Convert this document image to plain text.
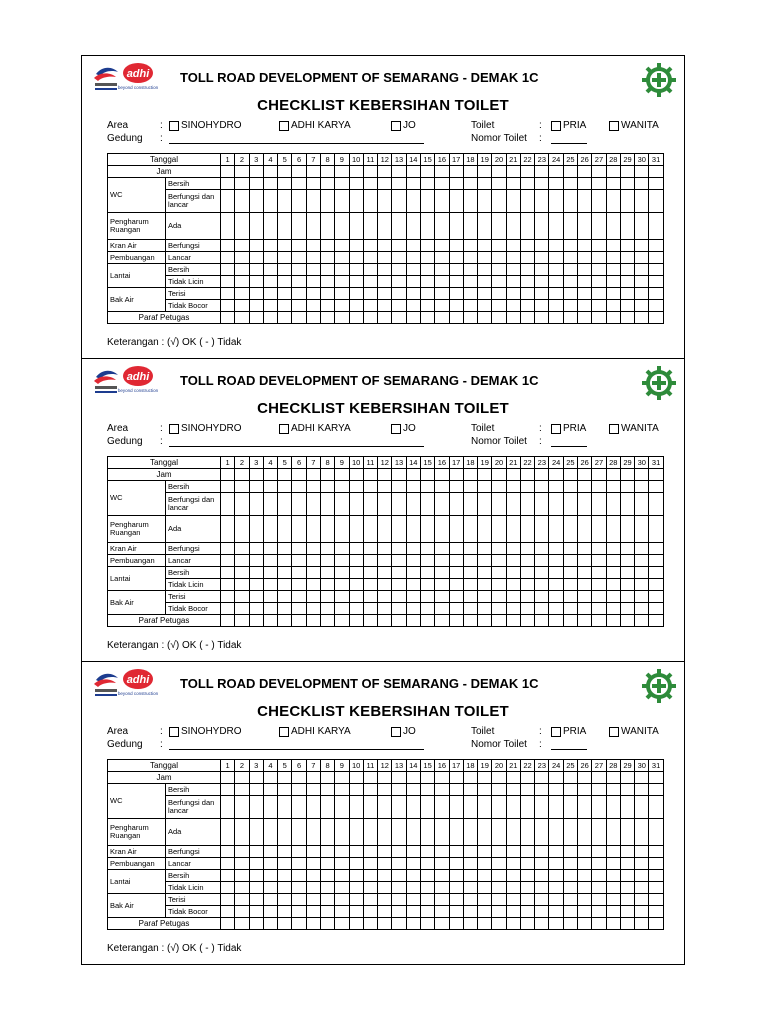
adhi
beyond construction
TOLL ROAD DEVELOPMENT OF SEMARANG - DEMAK 1C
CHECKLIST KEBERSIHAN TOILET
Area	: SINOHYDRO	ADHI KARYA	JO	Toilet	: PRIA	WANITA
Gedung :	Nomor Toilet :
Tanggal		1	2	3	4	5	6	7	8	9	10	11	12	13	14	15	16	17	18	19	20	21	22	23	24	25	26	27	28	29	30	31
Jam																																
WC	Bersih																															
	Berfungsi dan lancar																															
Pengharum Ruangan	Ada																															
Kran Air	Berfungsi																															
Pembuangan	Lancar																															
Lantai	Bersih																															
	Tidak Licin																															
Bak Air	Terisi																															
	Tidak Bocor																															
Paraf Petugas																																
Keterangan : (√) OK ( - ) Tidak
adhi
beyond construction
TOLL ROAD DEVELOPMENT OF SEMARANG - DEMAK 1C
CHECKLIST KEBERSIHAN TOILET
Area	: SINOHYDRO	ADHI KARYA	JO	Toilet	: PRIA	WANITA
Gedung :	Nomor Toilet :
Tanggal		1	2	3	4	5	6	7	8	9	10	11	12	13	14	15	16	17	18	19	20	21	22	23	24	25	26	27	28	29	30	31
Jam																																
WC	Bersih																															
	Berfungsi dan lancar																															
Pengharum Ruangan	Ada																															
Kran Air	Berfungsi																															
Pembuangan	Lancar																															
Lantai	Bersih																															
	Tidak Licin																															
Bak Air	Terisi																															
	Tidak Bocor																															
Paraf Petugas																																
Keterangan : (√) OK ( - ) Tidak
adhi
beyond construction
TOLL ROAD DEVELOPMENT OF SEMARANG - DEMAK 1C
CHECKLIST KEBERSIHAN TOILET
Area	: SINOHYDRO	ADHI KARYA	JO	Toilet	: PRIA	WANITA
Gedung :	Nomor Toilet :
Tanggal		1	2	3	4	5	6	7	8	9	10	11	12	13	14	15	16	17	18	19	20	21	22	23	24	25	26	27	28	29	30	31
Jam																																
WC	Bersih																															
	Berfungsi dan lancar																															
Pengharum Ruangan	Ada																															
Kran Air	Berfungsi																															
Pembuangan	Lancar																															
Lantai	Bersih																															
	Tidak Licin																															
Bak Air	Terisi																															
	Tidak Bocor																															
Paraf Petugas																																
Keterangan : (√) OK ( - ) Tidak
